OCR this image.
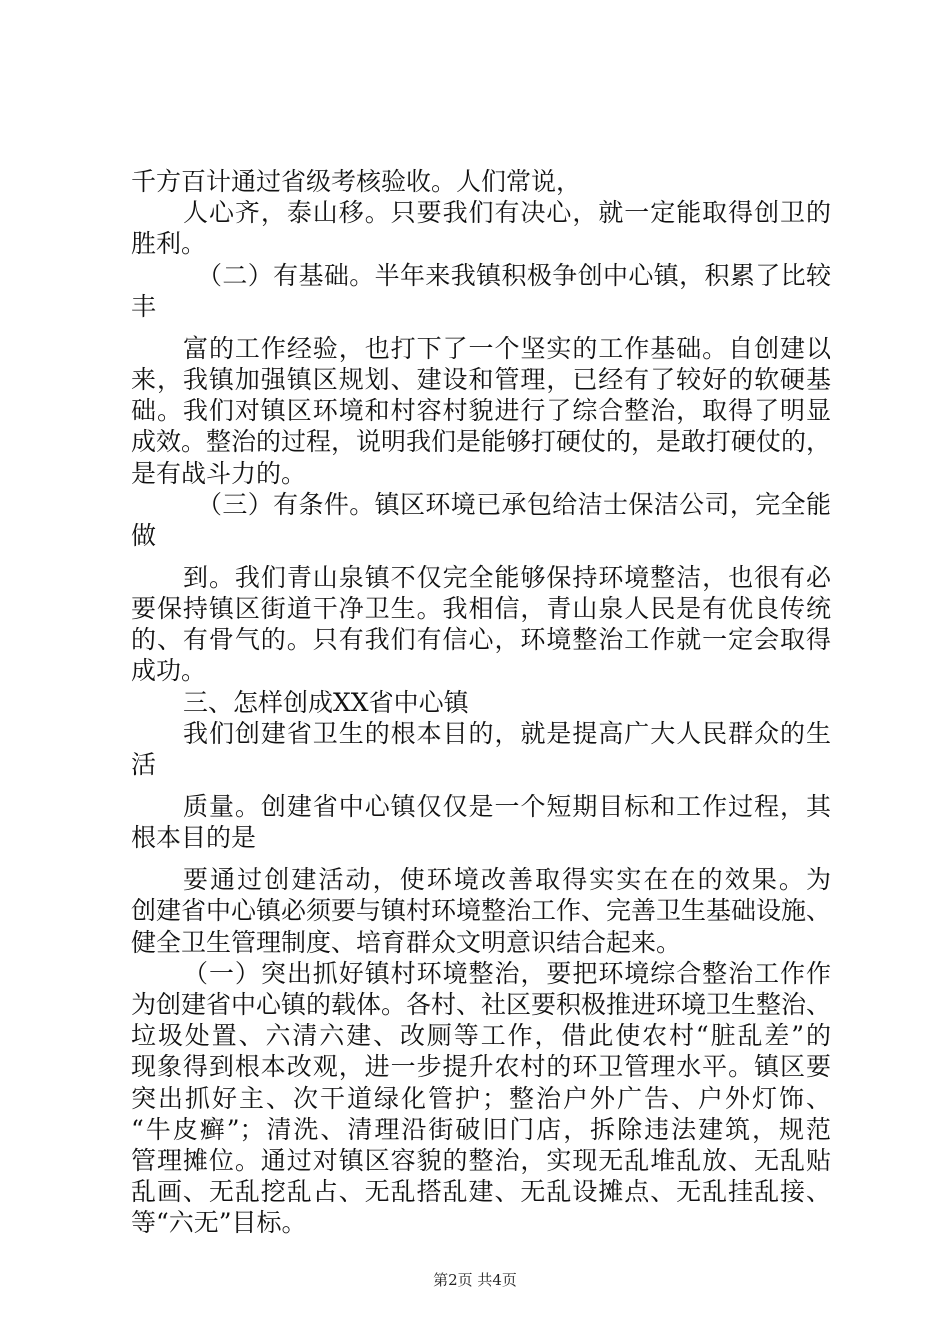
千方百计通过省级考核验收。人们常说，
人心齐，泰山移。只要我们有决心，就一定能取得创卫的
胜利。
（二）有基础。半年来我镇积极争创中心镇，积累了比较
丰
富的工作经验，也打下了一个坚实的工作基础。自创建以
来，我镇加强镇区规划、建设和管理，已经有了较好的软硬基
础。我们对镇区环境和村容村貌进行了综合整治，取得了明显
成效。整治的过程，说明我们是能够打硬仗的，是敢打硬仗的，
是有战斗力的。
（三）有条件。镇区环境已承包给洁士保洁公司，完全能
做
到。我们青山泉镇不仅完全能够保持环境整洁，也很有必
要保持镇区街道干净卫生。我相信，青山泉人民是有优良传统
的、有骨气的。只有我们有信心，环境整治工作就一定会取得
成功。
三、怎样创成XX省中心镇
我们创建省卫生的根本目的，就是提高广大人民群众的生
活
质量。创建省中心镇仅仅是一个短期目标和工作过程，其
根本目的是
要通过创建活动，使环境改善取得实实在在的效果。为
创建省中心镇必须要与镇村环境整治工作、完善卫生基础设施、
健全卫生管理制度、培育群众文明意识结合起来。
（一）突出抓好镇村环境整治，要把环境综合整治工作作
为创建省中心镇的载体。各村、社区要积极推进环境卫生整治、
垃圾处置、六清六建、改厕等工作，借此使农村“脏乱差”的
现象得到根本改观，进一步提升农村的环卫管理水平。镇区要
突出抓好主、次干道绿化管护；整治户外广告、户外灯饰、
“牛皮癣”；清洗、清理沿街破旧门店，拆除违法建筑，规范
管理摊位。通过对镇区容貌的整治，实现无乱堆乱放、无乱贴
乱画、无乱挖乱占、无乱搭乱建、无乱设摊点、无乱挂乱接、
等“六无”目标。
第2页 共4页
